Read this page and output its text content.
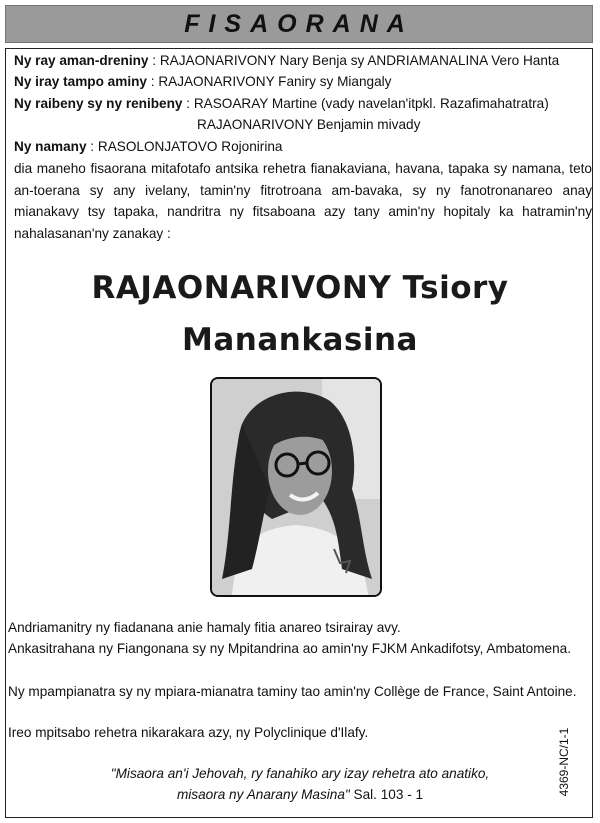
FISAORANA
Ny ray aman-dreniny : RAJAONARIVONY Nary Benja sy ANDRIAMANALINA Vero Hanta
Ny iray tampo aminy : RAJAONARIVONY Faniry sy Miangaly
Ny raibeny sy ny renibeny : RASOARAY Martine (vady navelan'itpkl. Razafimahatratra)
RAJAONARIVONY Benjamin mivady
Ny namany : RASOLONJATOVO Rojonirina
dia maneho fisaorana mitafotafo antsika rehetra fianakaviana, havana, tapaka sy namana, teto an-toerana sy any ivelany, tamin'ny fitrotroana am-bavaka, sy ny fanotronanareo anay mianakavy tsy tapaka, nandritra ny fitsaboana azy tany amin'ny hopitaly ka hatramin'ny nahalasanan'ny zanakay :
RAJAONARIVONY Tsiory
Manankasina
Andriamanitry ny fiadanana anie hamaly fitia anareo tsirairay avy.
Ankasitrahana ny Fiangonana sy ny Mpitandrina ao amin'ny FJKM Ankadifotsy, Ambatomena.
Ny mpampianatra sy ny mpiara-mianatra taminy tao amin'ny Collège de France, Saint Antoine.
Ireo mpitsabo rehetra nikarakara azy, ny Polyclinique d'Ilafy.
"Misaora an'i Jehovah, ry fanahiko ary izay rehetra ato anatiko,
misaora ny Anarany Masina" Sal. 103 - 1	4369-NC/1-1
